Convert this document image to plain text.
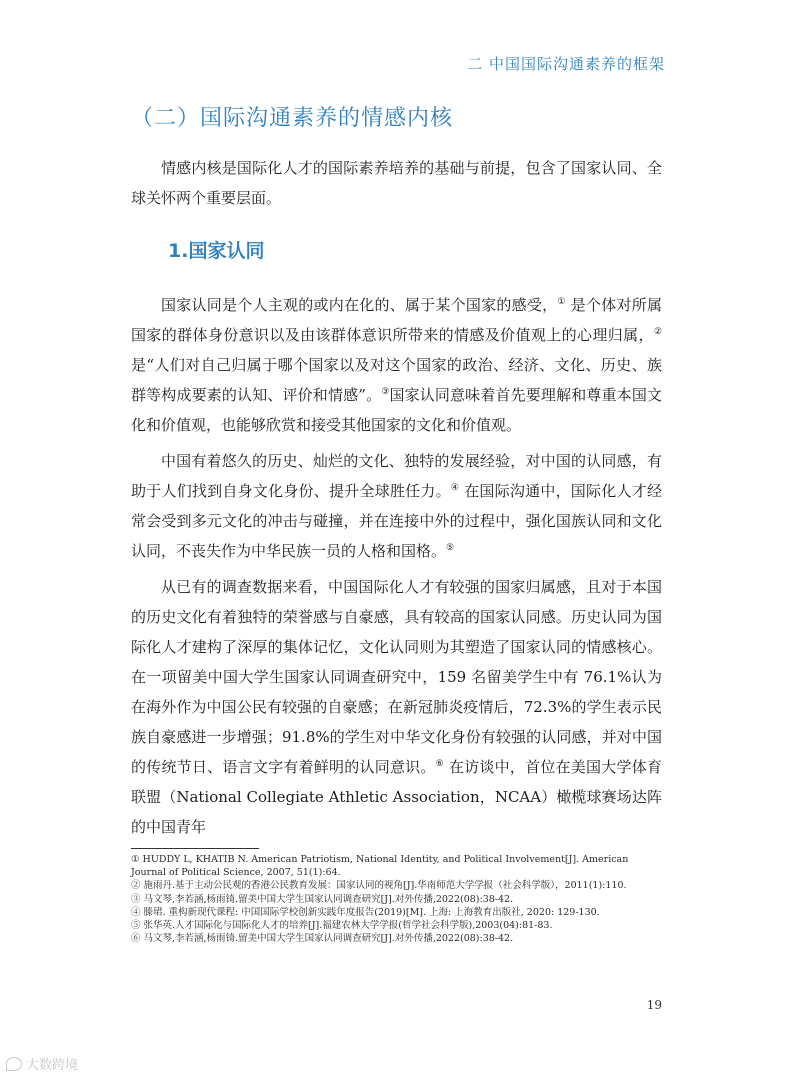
二 中国国际沟通素养的框架
（二）国际沟通素养的情感内核

情感内核是国际化人才的国际素养培养的基础与前提，包含了国家认同、全球关怀两个重要层面。

1.国家认同

国家认同是个人主观的或内在化的、属于某个国家的感受，① 是个体对所属国家的群体身份意识以及由该群体意识所带来的情感及价值观上的心理归属，② 是“人们对自己归属于哪个国家以及对这个国家的政治、经济、文化、历史、族群等构成要素的认知、评价和情感”。③国家认同意味着首先要理解和尊重本国文化和价值观，也能够欣赏和接受其他国家的文化和价值观。

中国有着悠久的历史、灿烂的文化、独特的发展经验，对中国的认同感，有助于人们找到自身文化身份、提升全球胜任力。④ 在国际沟通中，国际化人才经常会受到多元文化的冲击与碰撞，并在连接中外的过程中，强化国族认同和文化认同，不丧失作为中华民族一员的人格和国格。⑤

从已有的调查数据来看，中国国际化人才有较强的国家归属感，且对于本国的历史文化有着独特的荣誉感与自豪感，具有较高的国家认同感。历史认同为国际化人才建构了深厚的集体记忆，文化认同则为其塑造了国家认同的情感核心。在一项留美中国大学生国家认同调查研究中，159 名留美学生中有 76.1%认为在海外作为中国公民有较强的自豪感；在新冠肺炎疫情后，72.3%的学生表示民族自豪感进一步增强；91.8%的学生对中华文化身份有较强的认同感，并对中国的传统节日、语言文字有着鲜明的认同意识。⑥ 在访谈中，首位在美国大学体育联盟（National Collegiate Athletic Association，NCAA）橄榄球赛场达阵的中国青年

① HUDDY L, KHATIB N. American Patriotism, National Identity, and Political Involvement[J]. American Journal of Political Science, 2007, 51(1):64.
② 施雨丹.基于主动公民观的香港公民教育发展：国家认同的视角[J].华南师范大学学报（社会科学版），2011(1):110.
③ 马文琴,李若涵,杨雨锜.留美中国大学生国家认同调查研究[J].对外传播,2022(08):38-42.
④ 滕珺. 重构新现代课程: 中国国际学校创新实践年度报告(2019)[M]. 上海: 上海教育出版社, 2020: 129-130.
⑤ 张华英.人才国际化与国际化人才的培养[J].福建农林大学学报(哲学社会科学版),2003(04):81-83.
⑥ 马文琴,李若涵,杨雨锜.留美中国大学生国家认同调查研究[J].对外传播,2022(08):38-42.
19
大数跨境
